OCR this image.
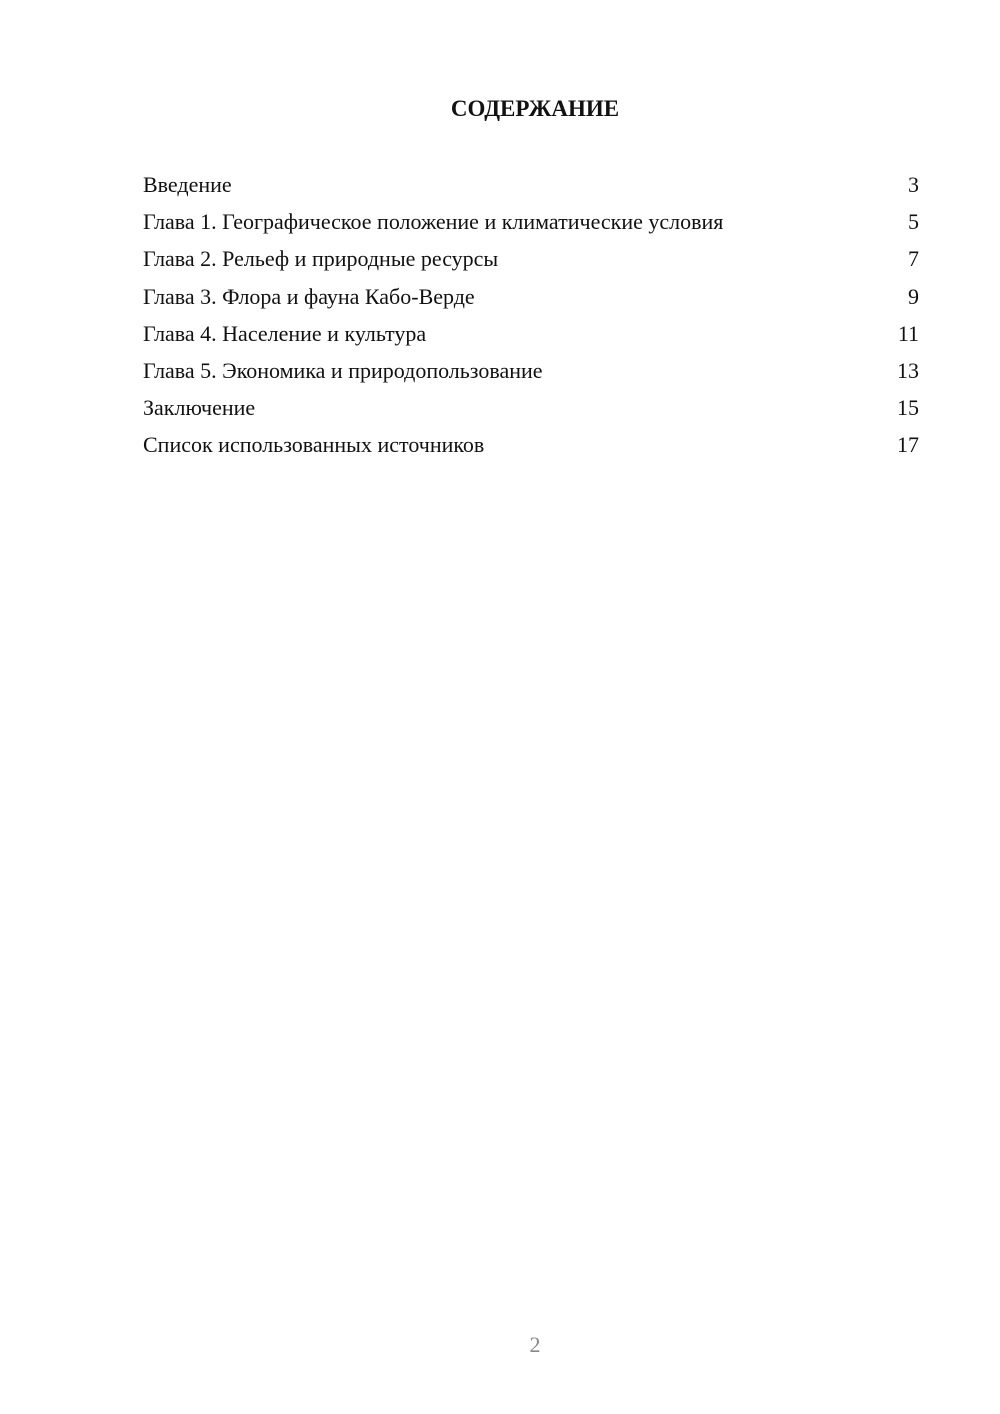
СОДЕРЖАНИЕ
Введение	3
Глава 1. Географическое положение и климатические условия	5
Глава 2. Рельеф и природные ресурсы	7
Глава 3. Флора и фауна Кабо-Верде	9
Глава 4. Население и культура	11
Глава 5. Экономика и природопользование	13
Заключение	15
Список использованных источников	17
2
